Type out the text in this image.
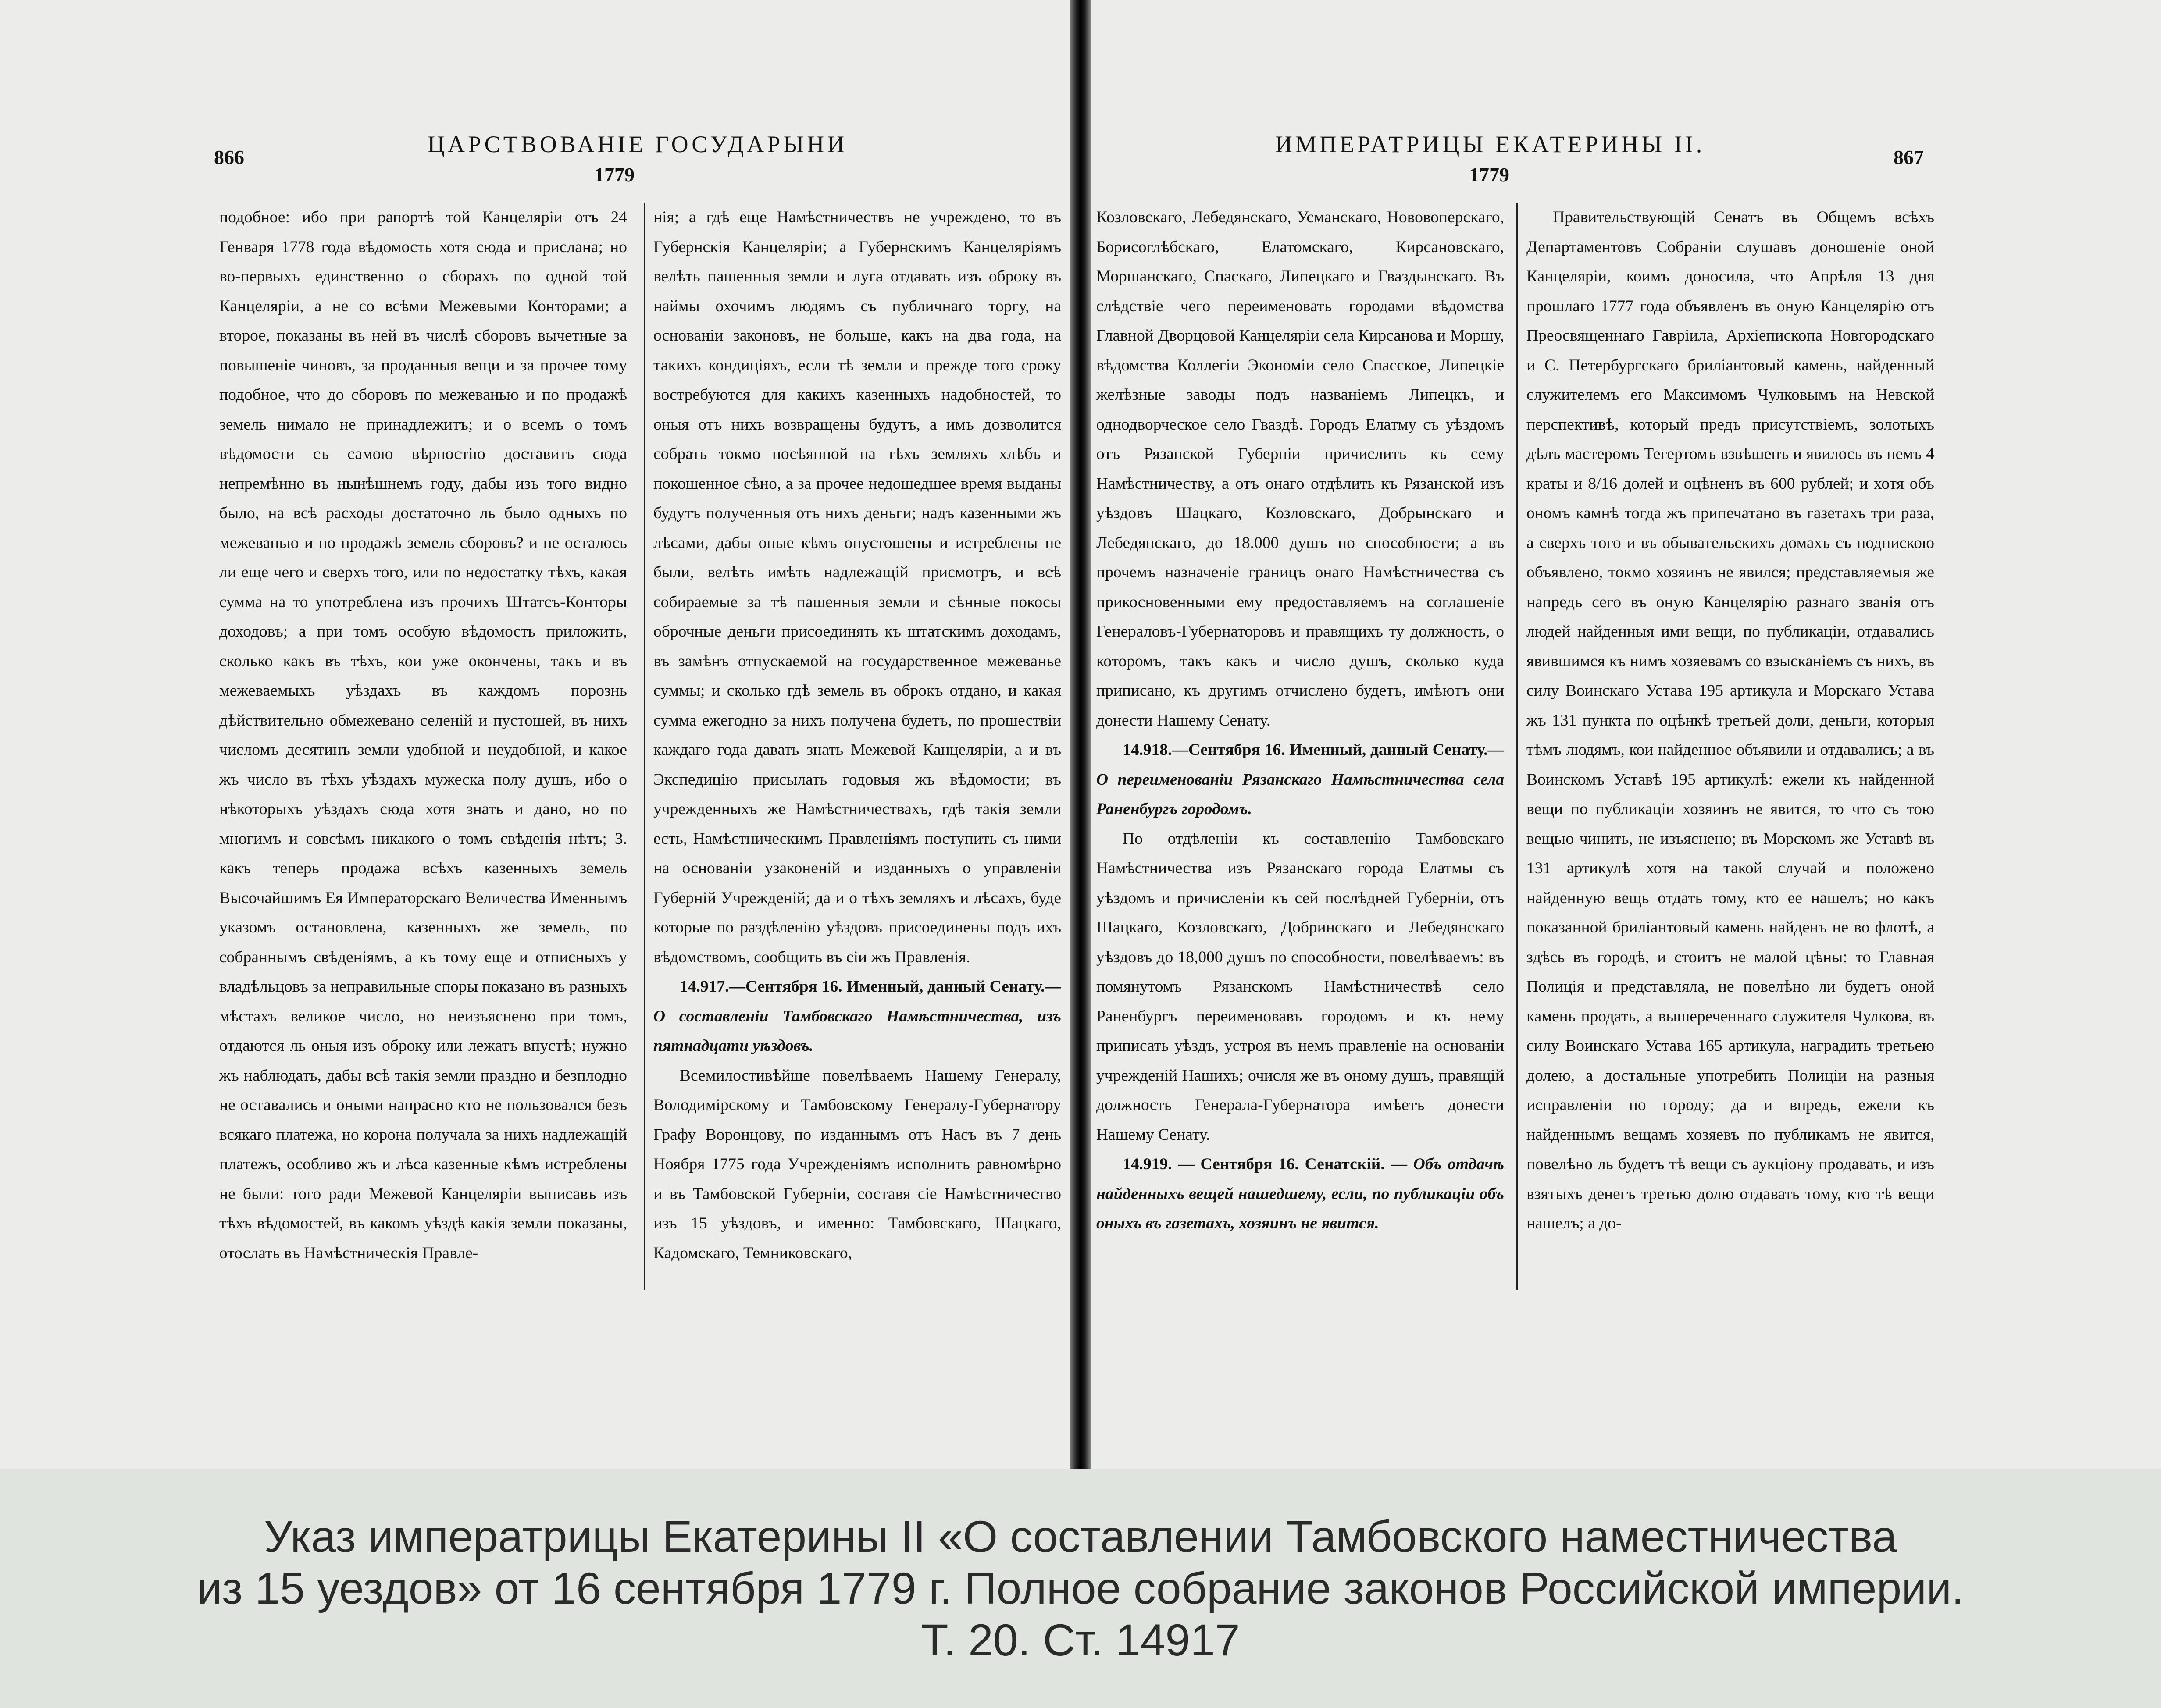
866	ЦАРСТВОВАНІЕ ГОСУДАРЫНИ
1779

подобное: ибо при рапортѣ той Канцеляріи отъ 24 Генваря 1778 года вѣдомость хотя сюда и прислана; но во-первыхъ единственно о сборахъ по одной той Канцеляріи, а не со всѣми Межевыми Конторами; а второе, показаны въ ней въ числѣ сборовъ вычетные за повышеніе чиновъ, за проданныя вещи и за прочее тому подобное, что до сборовъ по межеванью и по продажѣ земель нимало не принадлежитъ; и о всемъ о томъ вѣдомости съ самою вѣрностію доставить сюда непремѣнно въ нынѣшнемъ году, дабы изъ того видно было, на всѣ расходы достаточно ль было одныхъ по межеванью и по продажѣ земель сборовъ? и не осталось ли еще чего и сверхъ того, или по недостатку тѣхъ, какая сумма на то употреблена изъ прочихъ Штатсъ-Конторы доходовъ; а при томъ особую вѣдомость приложить, сколько какъ въ тѣхъ, кои уже окончены, такъ и въ межеваемыхъ уѣздахъ въ каждомъ порознь дѣйствительно обмежевано селеній и пустошей, въ нихъ числомъ десятинъ земли удобной и неудобной, и какое жъ число въ тѣхъ уѣздахъ мужеска полу душъ, ибо о нѣкоторыхъ уѣздахъ сюда хотя знать и дано, но по многимъ и совсѣмъ никакого о томъ свѣденія нѣтъ; 3. какъ теперь продажа всѣхъ казенныхъ земель Высочайшимъ Ея Императорскаго Величества Именнымъ указомъ остановлена, казенныхъ же земель, по собраннымъ свѣденіямъ, а къ тому еще и отписныхъ у владѣльцовъ за неправильные споры показано въ разныхъ мѣстахъ великое число, но неизъяснено при томъ, отдаются ль оныя изъ оброку или лежатъ впустѣ; нужно жъ наблюдать, дабы всѣ такія земли праздно и безплодно не оставались и оными напрасно кто не пользовался безъ всякаго платежа, но корона получала за нихъ надлежащій платежъ, особливо жъ и лѣса казенные кѣмъ истреблены не были: того ради Межевой Канцеляріи выписавъ изъ тѣхъ вѣдомостей, въ какомъ уѣздѣ какія земли показаны, отослать въ Намѣстническія Правле-

нія; а гдѣ еще Намѣстничествъ не учреждено, то въ Губернскія Канцеляріи; а Губернскимъ Канцеляріямъ велѣть пашенныя земли и луга отдавать изъ оброку въ наймы охочимъ людямъ съ публичнаго торгу, на основаніи законовъ, не больше, какъ на два года, на такихъ кондиціяхъ, если тѣ земли и прежде того сроку востребуются для какихъ казенныхъ надобностей, то оныя отъ нихъ возвращены будутъ, а имъ дозволится собрать токмо посѣянной на тѣхъ земляхъ хлѣбъ и покошенное сѣно, а за прочее недошедшее время выданы будутъ полученныя отъ нихъ деньги; надъ казенными жъ лѣсами, дабы оные кѣмъ опустошены и истреблены не были, велѣть имѣть надлежащій присмотръ, и всѣ собираемые за тѣ пашенныя земли и сѣнные покосы оброчные деньги присоединять къ штатскимъ доходамъ, въ замѣнъ отпускаемой на государственное межеванье суммы; и сколько гдѣ земель въ оброкъ отдано, и какая сумма ежегодно за нихъ получена будетъ, по прошествіи каждаго года давать знать Межевой Канцеляріи, а и въ Экспедицію присылать годовыя жъ вѣдомости; въ учрежденныхъ же Намѣстничествахъ, гдѣ такія земли есть, Намѣстническимъ Правленіямъ поступить съ ними на основаніи узаконеній и изданныхъ о управленіи Губерній Учрежденій; да и о тѣхъ земляхъ и лѣсахъ, буде которые по раздѣленію уѣздовъ присоединены подъ ихъ вѣдомствомъ, сообщить въ сіи жъ Правленія.

14.917.—Сентября 16. Именный, данный Сенату.— О составленіи Тамбовскаго Намѣстничества, изъ пятнадцати уѣздовъ.

Всемилостивѣйше повелѣваемъ Нашему Генералу, Володимірскому и Тамбовскому Генералу-Губернатору Графу Воронцову, по изданнымъ отъ Насъ въ 7 день Ноября 1775 года Учрежденіямъ исполнить равномѣрно и въ Тамбовской Губерніи, составя сіе Намѣстничество изъ 15 уѣздовъ, и именно: Тамбовскаго, Шацкаго, Кадомскаго, Темниковскаго,

ИМПЕРАТРИЦЫ ЕКАТЕРИНЫ II.	867
1779

Козловскаго, Лебедянскаго, Усманскаго, Нововоперскаго, Борисоглѣбскаго, Елатомскаго, Кирсановскаго, Моршанскаго, Спаскаго, Липецкаго и Гваздынскаго. Въ слѣдствіе чего переименовать городами вѣдомства Главной Дворцовой Канцеляріи села Кирсанова и Моршу, вѣдомства Коллегіи Экономіи село Спасское, Липецкіе желѣзные заводы подъ названіемъ Липецкъ, и однодворческое село Гваздѣ. Городъ Елатму съ уѣздомъ отъ Рязанской Губерніи причислить къ сему Намѣстничеству, а отъ онаго отдѣлить къ Рязанской изъ уѣздовъ Шацкаго, Козловскаго, Добрынскаго и Лебедянскаго, до 18.000 душъ по способности; а въ прочемъ назначеніе границъ онаго Намѣстничества съ прикосновенными ему предоставляемъ на соглашеніе Генераловъ-Губернаторовъ и правящихъ ту должность, о которомъ, такъ какъ и число душъ, сколько куда приписано, къ другимъ отчислено будетъ, имѣютъ они донести Нашему Сенату.

14.918.—Сентября 16. Именный, данный Сенату.— О переименованіи Рязанскаго Намѣстничества села Раненбургъ городомъ.

По отдѣленіи къ составленію Тамбовскаго Намѣстничества изъ Рязанскаго города Елатмы съ уѣздомъ и причисленіи къ сей послѣдней Губерніи, отъ Шацкаго, Козловскаго, Добринскаго и Лебедянскаго уѣздовъ до 18,000 душъ по способности, повелѣваемъ: въ помянутомъ Рязанскомъ Намѣстничествѣ село Раненбургъ переименовавъ городомъ и къ нему приписать уѣздъ, устроя въ немъ правленіе на основаніи учрежденій Нашихъ; очисля же въ оному душъ, правящій должность Генерала-Губернатора имѣетъ донести Нашему Сенату.

14.919. — Сентября 16. Сенатскій. — Объ отдачѣ найденныхъ вещей нашедшему, если, по публикаціи объ оныхъ въ газетахъ, хозяинъ не явится.

Правительствующій Сенатъ въ Общемъ всѣхъ Департаментовъ Собраніи слушавъ доношеніе оной Канцеляріи, коимъ доносила, что Апрѣля 13 дня прошлаго 1777 года объявленъ въ оную Канцелярію отъ Преосвященнаго Гавріила, Архіепископа Новгородскаго и С. Петербургскаго бриліантовый камень, найденный служителемъ его Максимомъ Чулковымъ на Невской перспективѣ, который предъ присутствіемъ, золотыхъ дѣлъ мастеромъ Тегертомъ взвѣшенъ и явилось въ немъ 4 краты и 8/16 долей и оцѣненъ въ 600 рублей; и хотя объ ономъ камнѣ тогда жъ припечатано въ газетахъ три раза, а сверхъ того и въ обывательскихъ домахъ съ подпискою объявлено, токмо хозяинъ не явился; представляемыя же напредь сего въ оную Канцелярію разнаго званія отъ людей найденныя ими вещи, по публикаціи, отдавались явившимся къ нимъ хозяевамъ со взысканіемъ съ нихъ, въ силу Воинскаго Устава 195 артикула и Морскаго Устава жъ 131 пункта по оцѣнкѣ третьей доли, деньги, которыя тѣмъ людямъ, кои найденное объявили и отдавались; а въ Воинскомъ Уставѣ 195 артикулѣ: ежели къ найденной вещи по публикаціи хозяинъ не явится, то что съ тою вещью чинить, не изъяснено; въ Морскомъ же Уставѣ въ 131 артикулѣ хотя на такой случай и положено найденную вещь отдать тому, кто ее нашелъ; но какъ показанной бриліантовый камень найденъ не во флотѣ, а здѣсь въ городѣ, и стоитъ не малой цѣны: то Главная Полиція и представляла, не повелѣно ли будетъ оной камень продать, а вышереченнаго служителя Чулкова, въ силу Воинскаго Устава 165 артикула, наградить третьею долею, а достальные употребить Полиціи на разныя исправленіи по городу; да и впредь, ежели къ найденнымъ вещамъ хозяевъ по публикамъ не явится, повелѣно ль будетъ тѣ вещи съ аукціону продавать, и изъ взятыхъ денегъ третью долю отдавать тому, кто тѣ вещи нашелъ; а до-

Указ императрицы Екатерины II «О составлении Тамбовского наместничества
из 15 уездов» от 16 сентября 1779 г. Полное собрание законов Российской империи.
Т. 20. Ст. 14917
